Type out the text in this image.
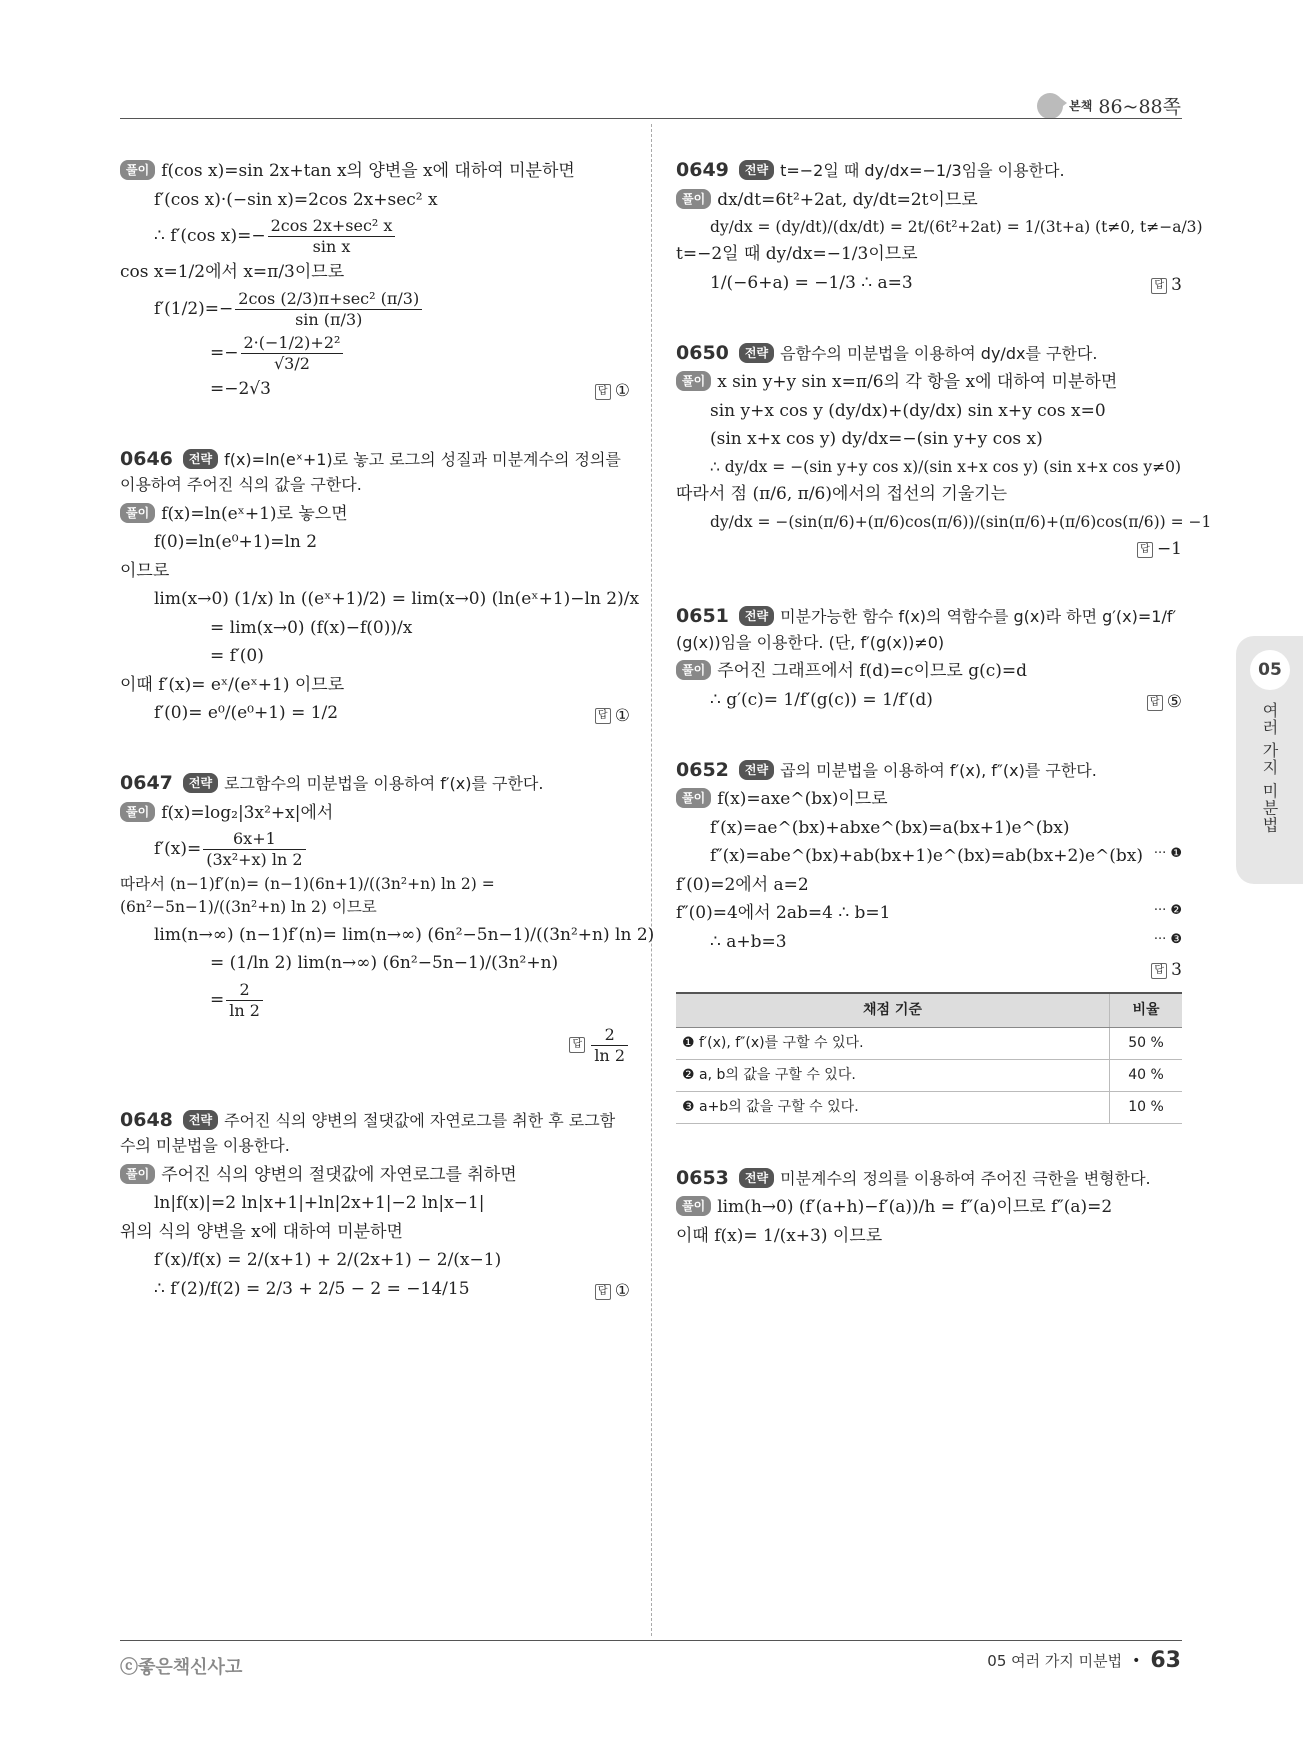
본책 86~88쪽
풀이 f(cos x)=sin 2x+tan x의 양변을 x에 대하여 미분하면
f′(cos x)·(−sin x)=2cos 2x+sec² x
∴ f′(cos $x)=- \frac{\text{2cos 2x+sec² x}}{\text{sin x}}$
cos x=1/2에서 x=π/3이므로
$f'(1/2)=- \frac{\text{2cos (2/3)π+sec² (π/3)}}{\sin (\pi/3)}$
=− $\frac{\text{2·(−1/2)+2²}}{√3/2}$
=−2√3	답 ①
0646 전략 f(x)=ln(eˣ+1)로 놓고 로그의 성질과 미분계수의 정의를 이용하여 주어진 식의 값을 구한다.
풀이 f(x)=ln(eˣ+1)로 놓으면
f(0)=ln(e⁰+1)=ln 2
이므로
lim(x→0) (1/x) ln ((eˣ+1)/2) = lim(x→0) (ln(eˣ+1)−ln 2)/x
= lim(x→0) (f(x)−f(0))/x
= f′(0)
이때 f′(x)= eˣ/(eˣ+1) 이므로
f′(0)= e⁰/(e⁰+1) = 1/2	답 ①
0647 전략 로그함수의 미분법을 이용하여 f′(x)를 구한다.
풀이 f(x)=log₂|3x²+x|에서
$f'(x)= \frac{6x+1}{\text{(3x²+x) ln 2}}$
따라서 (n−1)f′(n)= (n−1)(6n+1)/((3n²+n) ln 2) = (6n²−5n−1)/((3n²+n) ln 2) 이므로
lim(n→∞) (n−1)f′(n)= lim(n→∞) (6n²−5n−1)/((3n²+n) ln 2)
= (1/ln 2) lim(n→∞) (6n²−5n−1)/(3n²+n)
= $\frac{2}{\ln 2}$
답 $\frac{2}{\ln 2}$
0648 전략 주어진 식의 양변의 절댓값에 자연로그를 취한 후 로그함수의 미분법을 이용한다.
풀이 주어진 식의 양변의 절댓값에 자연로그를 취하면
ln|f(x)|=2 ln|x+1|+ln|2x+1|−2 ln|x−1|
위의 식의 양변을 x에 대하여 미분하면
f′(x)/f(x) = 2/(x+1) + 2/(2x+1) − 2/(x−1)
∴ f′(2)/f(2) = 2/3 + 2/5 − 2 = −14/15	답 ①
0649 전략 t=−2일 때 dy/dx=−1/3임을 이용한다.
풀이 dx/dt=6t²+2at, dy/dt=2t이므로
dy/dx = (dy/dt)/(dx/dt) = 2t/(6t²+2at) = 1/(3t+a) (t≠0, t≠−a/3)
t=−2일 때 dy/dx=−1/3이므로
1/(−6+a) = −1/3 ∴ a=3	답 3
0650 전략 음함수의 미분법을 이용하여 dy/dx를 구한다.
풀이 x sin y+y sin x=π/6의 각 항을 x에 대하여 미분하면
sin y+x cos y (dy/dx)+(dy/dx) sin x+y cos x=0
(sin x+x cos y) dy/dx=−(sin y+y cos x)
∴ dy/dx = −(sin y+y cos x)/(sin x+x cos y) (sin x+x cos y≠0)
따라서 점 (π/6, π/6)에서의 접선의 기울기는
dy/dx = −(sin(π/6)+(π/6)cos(π/6))/(sin(π/6)+(π/6)cos(π/6)) = −1
답 −1
0651 전략 미분가능한 함수 f(x)의 역함수를 g(x)라 하면 g′(x)=1/f′(g(x))임을 이용한다. (단, f′(g(x))≠0)
풀이 주어진 그래프에서 f(d)=c이므로 g(c)=d
∴ g′(c)= 1/f′(g(c)) = 1/f′(d)	답 ⑤
0652 전략 곱의 미분법을 이용하여 f′(x), f″(x)를 구한다.
풀이 f(x)=axe^(bx)이므로
f′(x)=ae^(bx)+abxe^(bx)=a(bx+1)e^(bx)
f″(x)=abe^(bx)+ab(bx+1)e^(bx)=ab(bx+2)e^(bx) ··· ❶
f′(0)=2에서 a=2
f″(0)=4에서 2ab=4 ∴ b=1	··· ❷
∴ a+b=3	··· ❸
답 3
채점 기준	비율
❶ f′(x), f″(x)를 구할 수 있다.	50 %
❷ a, b의 값을 구할 수 있다.	40 %
❸ a+b의 값을 구할 수 있다.	10 %
0653 전략 미분계수의 정의를 이용하여 주어진 극한을 변형한다.
풀이 lim(h→0) (f′(a+h)−f′(a))/h = f″(a)이므로 f″(a)=2
이때 f(x)= 1/(x+3) 이므로
05
여러 가지 미분법
ⓒ좋은책신사고	05 여러 가지 미분법 • 63
